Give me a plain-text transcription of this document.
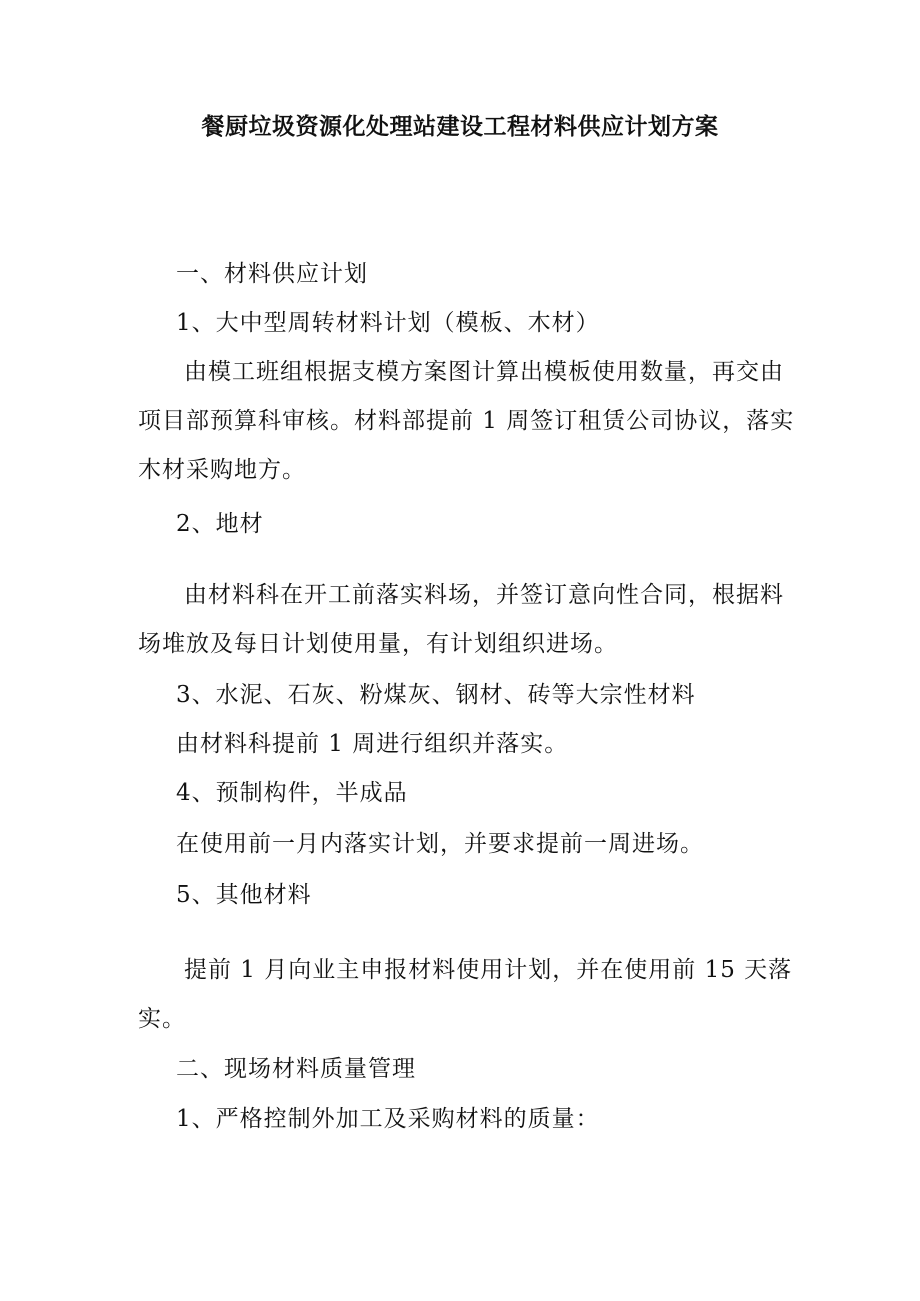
餐厨垃圾资源化处理站建设工程材料供应计划方案
一、材料供应计划
1、大中型周转材料计划（模板、木材）
由模工班组根据支模方案图计算出模板使用数量，再交由
项目部预算科审核。材料部提前 1 周签订租赁公司协议，落实
木材采购地方。
2、地材
由材料科在开工前落实料场，并签订意向性合同，根据料
场堆放及每日计划使用量，有计划组织进场。
3、水泥、石灰、粉煤灰、钢材、砖等大宗性材料
由材料科提前 1 周进行组织并落实。
4、预制构件，半成品
在使用前一月内落实计划，并要求提前一周进场。
5、其他材料
提前 1 月向业主申报材料使用计划，并在使用前 15 天落
实。
二、现场材料质量管理
1、严格控制外加工及采购材料的质量：
